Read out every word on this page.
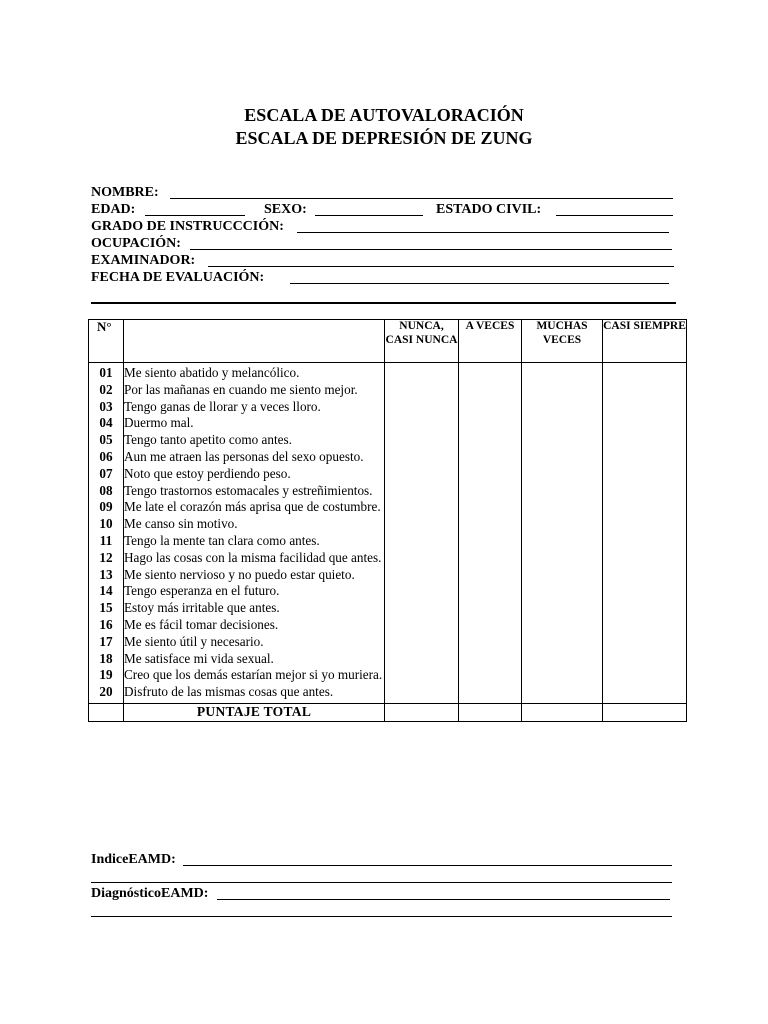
ESCALA DE AUTOVALORACIÓN
ESCALA DE DEPRESIÓN DE ZUNG
NOMBRE:
EDAD:	SEXO:	ESTADO CIVIL:
GRADO DE INSTRUCCCIÓN:
OCUPACIÓN:
EXAMINADOR:
FECHA DE EVALUACIÓN:
N°		NUNCA, CASI NUNCA	A VECES	MUCHAS VECES	CASI SIEMPRE
01	Me siento abatido y melancólico.				
02	Por las mañanas en cuando me siento mejor.				
03	Tengo ganas de llorar y a veces lloro.				
04	Duermo mal.				
05	Tengo tanto apetito como antes.				
06	Aun me atraen las personas del sexo opuesto.				
07	Noto que estoy perdiendo peso.				
08	Tengo trastornos estomacales y estreñimientos.				
09	Me late el corazón más aprisa que de costumbre.				
10	Me canso sin motivo.				
11	Tengo la mente tan clara como antes.				
12	Hago las cosas con la misma facilidad que antes.				
13	Me siento nervioso y no puedo estar quieto.				
14	Tengo esperanza en el futuro.				
15	Estoy más irritable que antes.				
16	Me es fácil tomar decisiones.				
17	Me siento útil y necesario.				
18	Me satisface mi vida sexual.				
19	Creo que los demás estarían mejor si yo muriera.				
20	Disfruto de las mismas cosas que antes.				
	PUNTAJE TOTAL				
IndiceEAMD:
DiagnósticoEAMD:
